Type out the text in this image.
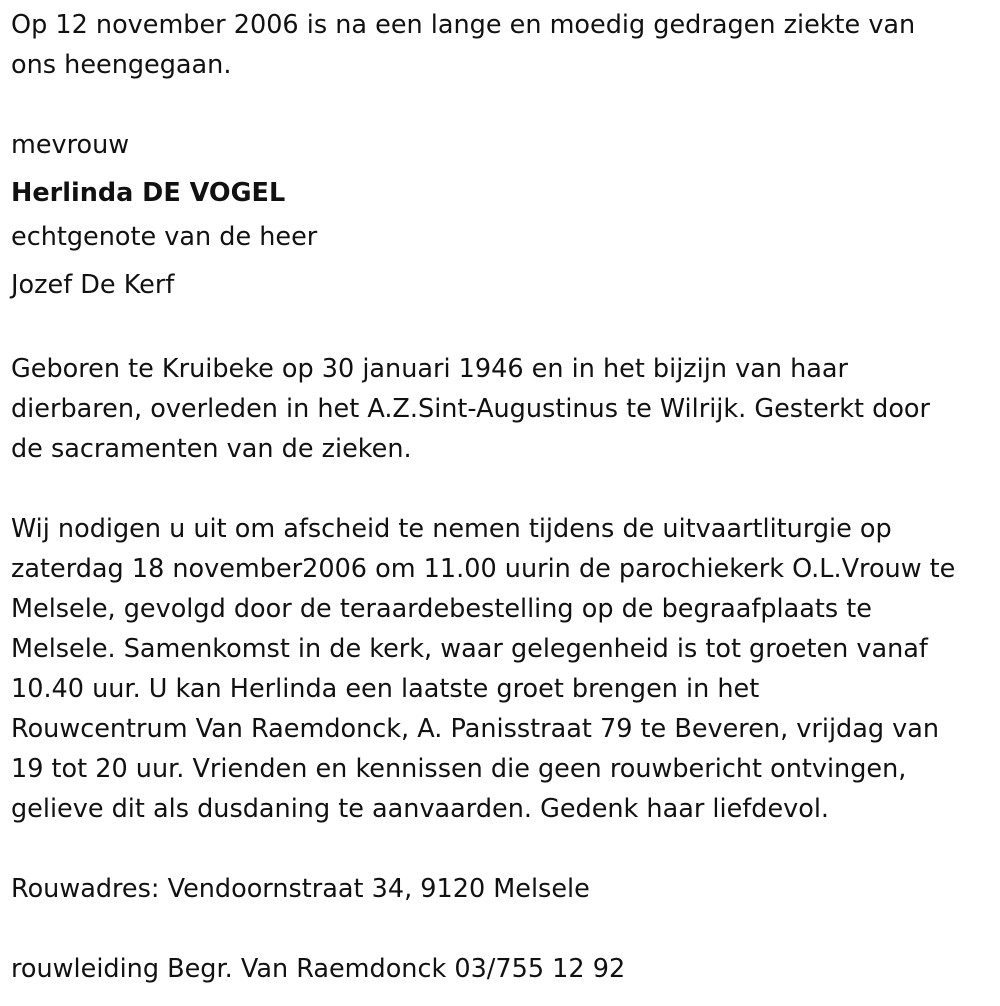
Op 12 november 2006 is na een lange en moedig gedragen ziekte van

ons heengegaan.

mevrouw

Herlinda DE VOGEL

echtgenote van de heer

Jozef De Kerf

Geboren te Kruibeke op 30 januari 1946 en in het bijzijn van haar

dierbaren, overleden in het A.Z.Sint-Augustinus te Wilrijk. Gesterkt door

de sacramenten van de zieken.

Wij nodigen u uit om afscheid te nemen tijdens de uitvaartliturgie op

zaterdag 18 november2006 om 11.00 uurin de parochiekerk O.L.Vrouw te

Melsele, gevolgd door de teraardebestelling op de begraafplaats te

Melsele. Samenkomst in de kerk, waar gelegenheid is tot groeten vanaf

10.40 uur. U kan Herlinda een laatste groet brengen in het

Rouwcentrum Van Raemdonck, A. Panisstraat 79 te Beveren, vrijdag van

19 tot 20 uur. Vrienden en kennissen die geen rouwbericht ontvingen,

gelieve dit als dusdaning te aanvaarden. Gedenk haar liefdevol.

Rouwadres: Vendoornstraat 34, 9120 Melsele

rouwleiding Begr. Van Raemdonck 03/755 12 92
